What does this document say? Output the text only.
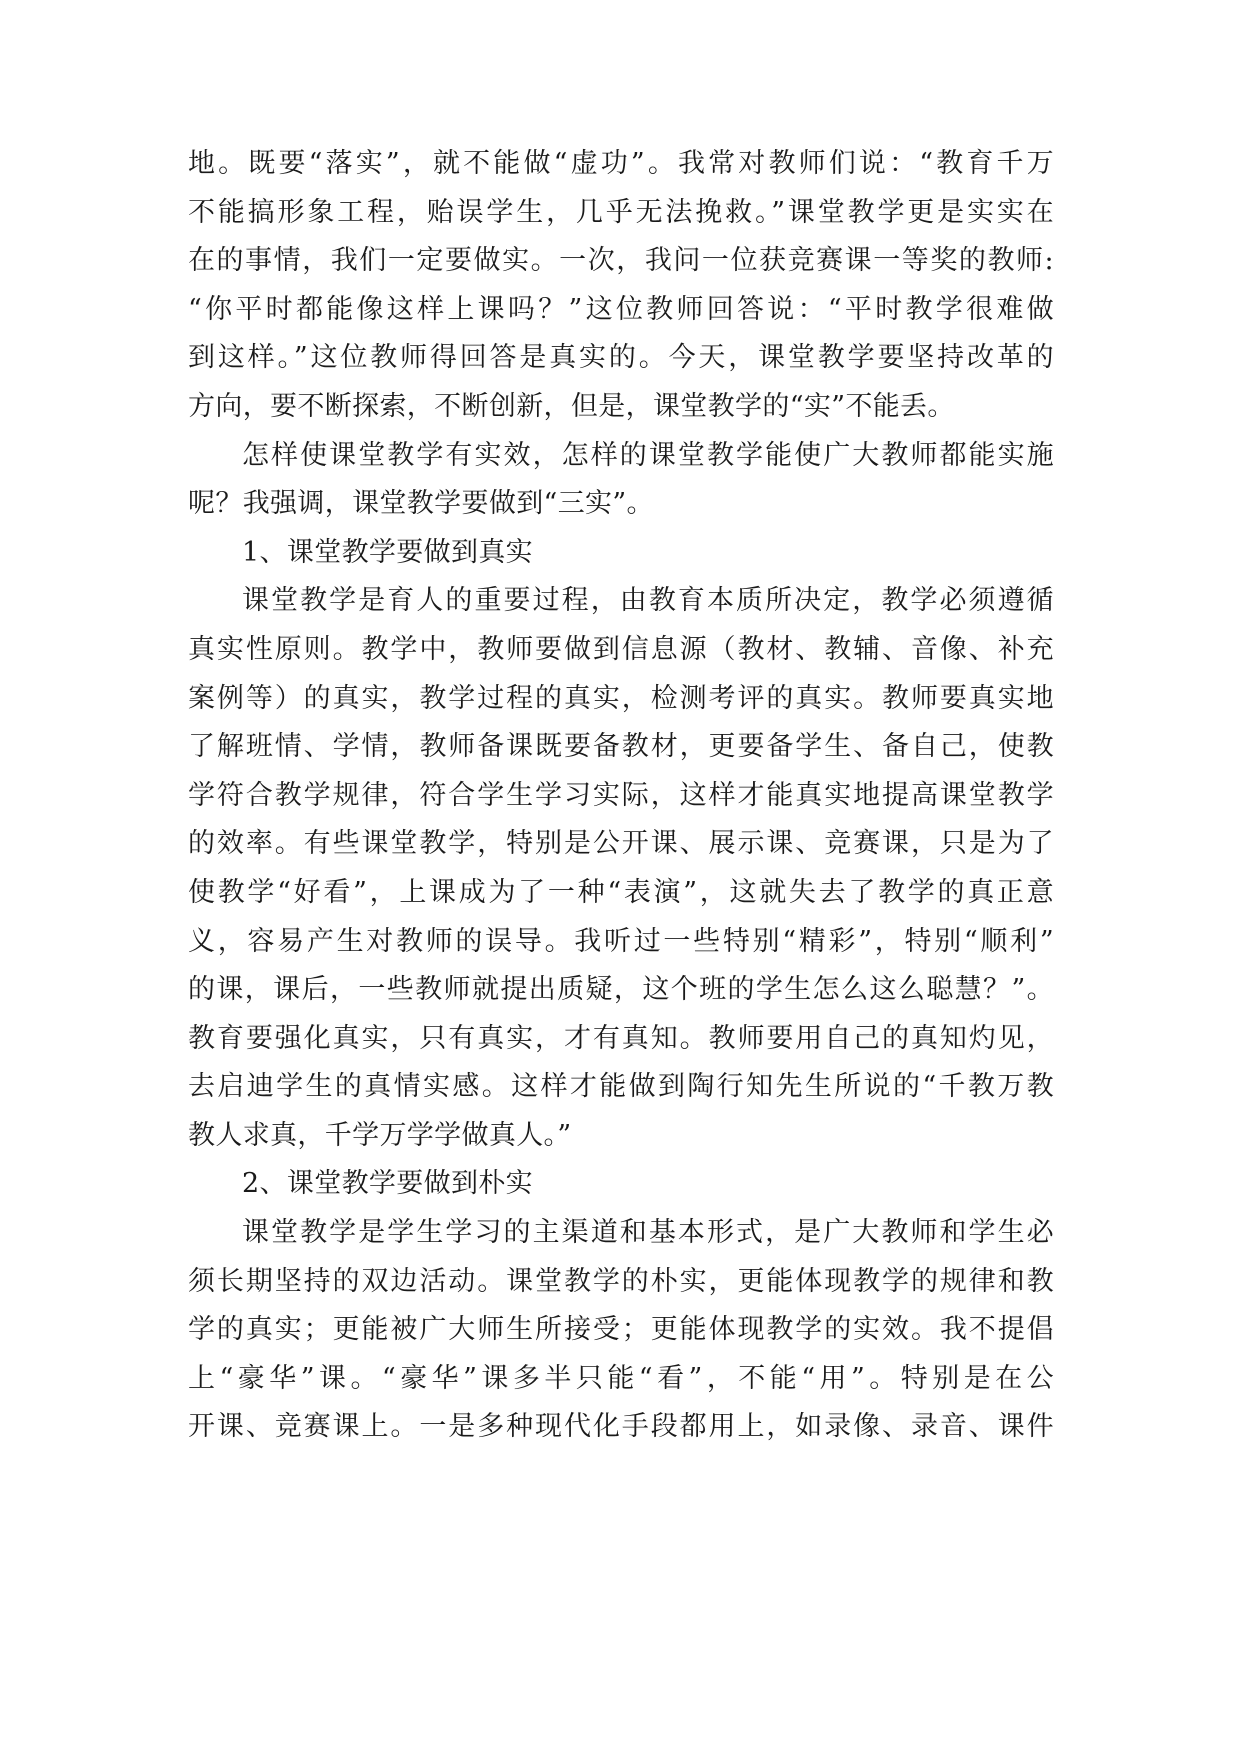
地。既要“落实”，就不能做“虚功”。我常对教师们说：“教育千万
不能搞形象工程，贻误学生，几乎无法挽救。”课堂教学更是实实在
在的事情，我们一定要做实。一次，我问一位获竞赛课一等奖的教师:
“你平时都能像这样上课吗？”这位教师回答说：“平时教学很难做
到这样。”这位教师得回答是真实的。今天，课堂教学要坚持改革的
方向，要不断探索，不断创新，但是，课堂教学的“实”不能丢。
怎样使课堂教学有实效，怎样的课堂教学能使广大教师都能实施
呢？我强调，课堂教学要做到“三实”。
1、课堂教学要做到真实
课堂教学是育人的重要过程，由教育本质所决定，教学必须遵循
真实性原则。教学中，教师要做到信息源（教材、教辅、音像、补充
案例等）的真实，教学过程的真实，检测考评的真实。教师要真实地
了解班情、学情，教师备课既要备教材，更要备学生、备自己，使教
学符合教学规律，符合学生学习实际，这样才能真实地提高课堂教学
的效率。有些课堂教学，特别是公开课、展示课、竞赛课，只是为了
使教学“好看”，上课成为了一种“表演”，这就失去了教学的真正意
义，容易产生对教师的误导。我听过一些特别“精彩”，特别“顺利”
的课，课后，一些教师就提出质疑，这个班的学生怎么这么聪慧？”。
教育要强化真实，只有真实，才有真知。教师要用自己的真知灼见，
去启迪学生的真情实感。这样才能做到陶行知先生所说的“千教万教
教人求真，千学万学学做真人。”
2、课堂教学要做到朴实
课堂教学是学生学习的主渠道和基本形式，是广大教师和学生必
须长期坚持的双边活动。课堂教学的朴实，更能体现教学的规律和教
学的真实；更能被广大师生所接受；更能体现教学的实效。我不提倡
上“豪华”课。“豪华”课多半只能“看”，不能“用”。特别是在公
开课、竞赛课上。一是多种现代化手段都用上，如录像、录音、课件
